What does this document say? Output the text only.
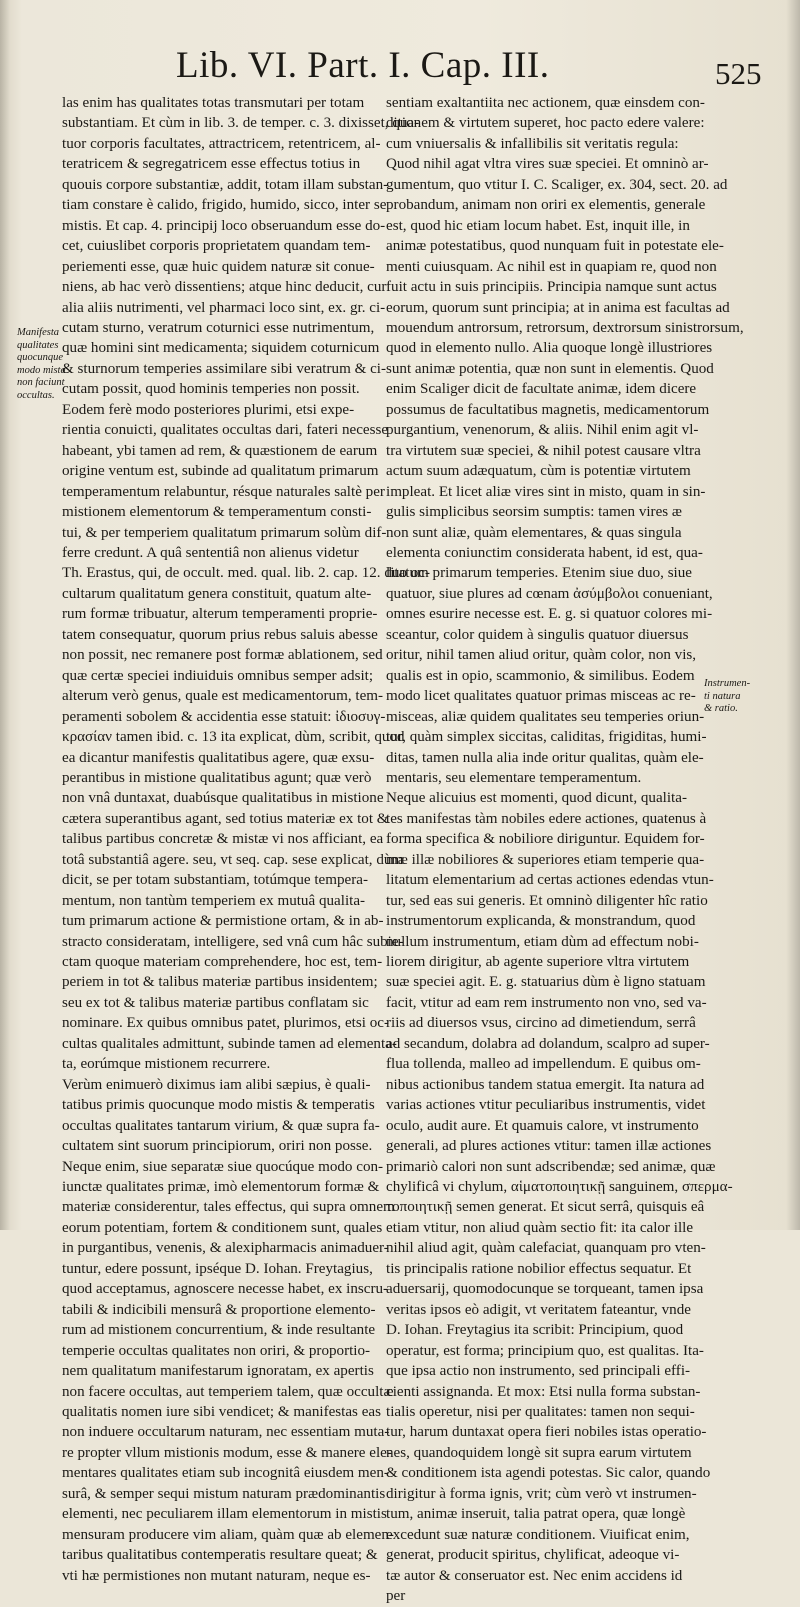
Lib. VI. Part. I. Cap. III.	525
Manifesta
qualitates
quocunque
modo mista
non faciunt
occultas.
Instrumen-
ti natura
& ratio.
las enim has qualitates totas transmutari per totam
substantiam. Et cùm in lib. 3. de temper. c. 3. dixisset, qua-
tuor corporis facultates, attractricem, retentricem, al-
teratricem & segregatricem esse effectus totius in
quouis corpore substantiæ, addit, totam illam substan-
tiam constare è calido, frigido, humido, sicco, inter se
mistis. Et cap. 4. principij loco obseruandum esse do-
cet, cuiuslibet corporis proprietatem quandam tem-
periementi esse, quæ huic quidem naturæ sit conue-
niens, ab hac verò dissentiens; atque hinc deducit, cur
alia aliis nutrimenti, vel pharmaci loco sint, ex. gr. ci-
cutam sturno, veratrum coturnici esse nutrimentum,
quæ homini sint medicamenta; siquidem coturnicum
& sturnorum temperies assimilare sibi veratrum & ci-
cutam possit, quod hominis temperies non possit.
Eodem ferè modo posteriores plurimi, etsi expe-
rientia conuicti, qualitates occultas dari, fateri necesse
habeant, ybi tamen ad rem, & quæstionem de earum
origine ventum est, subinde ad qualitatum primarum
temperamentum relabuntur, résque naturales saltè per
mistionem elementorum & temperamentum consti-
tui, & per temperiem qualitatum primarum solùm dif-
ferre credunt. A quâ sententiâ non alienus videtur
Th. Erastus, qui, de occult. med. qual. lib. 2. cap. 12. duo oc-
cultarum qualitatum genera constituit, quatum alte-
rum formæ tribuatur, alterum temperamenti proprie-
tatem consequatur, quorum prius rebus saluis abesse
non possit, nec remanere post formæ ablationem, sed
quæ certæ speciei indiuiduis omnibus semper adsit;
alterum verò genus, quale est medicamentorum, tem-
peramenti sobolem & accidentia esse statuit: ἰδιοσυγ-
κρασίαν tamen ibid. c. 13 ita explicat, dùm, scribit, quod
ea dicantur manifestis qualitatibus agere, quæ exsu-
perantibus in mistione qualitatibus agunt; quæ verò
non vnâ duntaxat, duabúsque qualitatibus in mistione
cætera superantibus agant, sed totius materiæ ex tot &
talibus partibus concretæ & mistæ vi nos afficiant, ea
totâ substantiâ agere. seu, vt seq. cap. sese explicat, dùm
dicit, se per totam substantiam, totúmque tempera-
mentum, non tantùm temperiem ex mutuâ qualita-
tum primarum actione & permistione ortam, & in ab-
stracto consideratam, intelligere, sed vnâ cum hâc subie-
ctam quoque materiam comprehendere, hoc est, tem-
periem in tot & talibus materiæ partibus insidentem;
seu ex tot & talibus materiæ partibus conflatam sic
nominare. Ex quibus omnibus patet, plurimos, etsi oc-
cultas qualitales admittunt, subinde tamen ad elementa-
ta, eorúmque mistionem recurrere.
Verùm enimuerò diximus iam alibi sæpius, è quali-
tatibus primis quocunque modo mistis & temperatis
occultas qualitates tantarum virium, & quæ supra fa-
cultatem sint suorum principiorum, oriri non posse.
Neque enim, siue separatæ siue quocúque modo con-
iunctæ qualitates primæ, imò elementorum formæ &
materiæ considerentur, tales effectus, qui supra omnem
eorum potentiam, fortem & conditionem sunt, quales
in purgantibus, venenis, & alexipharmacis animaduer-
tuntur, edere possunt, ipséque D. Iohan. Freytagius,
quod acceptamus, agnoscere necesse habet, ex inscru-
tabili & indicibili mensurâ & proportione elemento-
rum ad mistionem concurrentium, & inde resultante
temperie occultas qualitates non oriri, & proportio-
nem qualitatum manifestarum ignoratam, ex apertis
non facere occultas, aut temperiem talem, quæ occultæ
qualitatis nomen iure sibi vendicet; & manifestas eas
non induere occultarum naturam, nec essentiam muta-
re propter vllum mistionis modum, esse & manere ele-
mentares qualitates etiam sub incognitâ eiusdem men-
surâ, & semper sequi mistum naturam prædominantis
elementi, nec peculiarem illam elementorum in mistis
mensuram producere vim aliam, quàm quæ ab elemen-
taribus qualitatibus contemperatis resultare queat; &
vti hæ permistiones non mutant naturam, neque es-
sentiam exaltantiita nec actionem, quæ einsdem con-
ditionem & virtutem superet, hoc pacto edere valere:
cum vniuersalis & infallibilis sit veritatis regula:
Quod nihil agat vltra vires suæ speciei. Et omninò ar-
gumentum, quo vtitur I. C. Scaliger, ex. 304, sect. 20. ad
probandum, animam non oriri ex elementis, generale
est, quod hic etiam locum habet. Est, inquit ille, in
animæ potestatibus, quod nunquam fuit in potestate ele-
menti cuiusquam. Ac nihil est in quapiam re, quod non
fuit actu in suis principiis. Principia namque sunt actus
eorum, quorum sunt principia; at in anima est facultas ad
mouendum antrorsum, retrorsum, dextrorsum sinistrorsum,
quod in elemento nullo. Alia quoque longè illustriores
sunt animæ potentia, quæ non sunt in elementis. Quod
enim Scaliger dicit de facultate animæ, idem dicere
possumus de facultatibus magnetis, medicamentorum
purgantium, venenorum, & aliis. Nihil enim agit vl-
tra virtutem suæ speciei, & nihil potest causare vltra
actum suum adæquatum, cùm is potentiæ virtutem
impleat. Et licet aliæ vires sint in misto, quam in sin-
gulis simplicibus seorsim sumptis: tamen vires æ
non sunt aliæ, quàm elementares, & quas singula
elementa coniunctim considerata habent, id est, qua-
litatum primarum temperies. Etenim siue duo, siue
quatuor, siue plures ad cœnam ἀσύμβολοι conueniant,
omnes esurire necesse est. E. g. si quatuor colores mi-
sceantur, color quidem à singulis quatuor diuersus
oritur, nihil tamen aliud oritur, quàm color, non vis,
qualis est in opio, scammonio, & similibus. Eodem
modo licet qualitates quatuor primas misceas ac re-
misceas, aliæ quidem qualitates seu temperies oriun-
tur, quàm simplex siccitas, caliditas, frigiditas, humi-
ditas, tamen nulla alia inde oritur qualitas, quàm ele-
mentaris, seu elementare temperamentum.
Neque alicuius est momenti, quod dicunt, qualita-
tes manifestas tàm nobiles edere actiones, quatenus à
forma specifica & nobiliore diriguntur. Equidem for-
mæ illæ nobiliores & superiores etiam temperie qua-
litatum elementarium ad certas actiones edendas vtun-
tur, sed eas sui generis. Et omninò diligenter hîc ratio
instrumentorum explicanda, & monstrandum, quod
nullum instrumentum, etiam dùm ad effectum nobi-
liorem dirigitur, ab agente superiore vltra virtutem
suæ speciei agit. E. g. statuarius dùm è ligno statuam
facit, vtitur ad eam rem instrumento non vno, sed va-
riis ad diuersos vsus, circino ad dimetiendum, serrâ
ad secandum, dolabra ad dolandum, scalpro ad super-
flua tollenda, malleo ad impellendum. E quibus om-
nibus actionibus tandem statua emergit. Ita natura ad
varias actiones vtitur peculiaribus instrumentis, videt
oculo, audit aure. Et quamuis calore, vt instrumento
generali, ad plures actiones vtitur: tamen illæ actiones
primariò calori non sunt adscribendæ; sed animæ, quæ
chylificâ vi chylum, αἱματοποιητικῇ sanguinem, σπερμα-
τοποιητικῇ semen generat. Et sicut serrâ, quisquis eâ
etiam vtitur, non aliud quàm sectio fit: ita calor ille
nihil aliud agit, quàm calefaciat, quanquam pro vten-
tis principalis ratione nobilior effectus sequatur. Et
aduersarij, quomodocunque se torqueant, tamen ipsa
veritas ipsos eò adigit, vt veritatem fateantur, vnde
D. Iohan. Freytagius ita scribit: Principium, quod
operatur, est forma; principium quo, est qualitas. Ita-
que ipsa actio non instrumento, sed principali effi-
cienti assignanda. Et mox: Etsi nulla forma substan-
tialis operetur, nisi per qualitates: tamen non sequi-
tur, harum duntaxat opera fieri nobiles istas operatio-
nes, quandoquidem longè sit supra earum virtutem
& conditionem ista agendi potestas. Sic calor, quando
dirigitur à forma ignis, vrit; cùm verò vt instrumen-
tum, animæ inseruit, talia patrat opera, quæ longè
excedunt suæ naturæ conditionem. Viuificat enim,
generat, producit spiritus, chylificat, adeoque vi-
tæ autor & conseruator est. Nec enim accidens id
per
